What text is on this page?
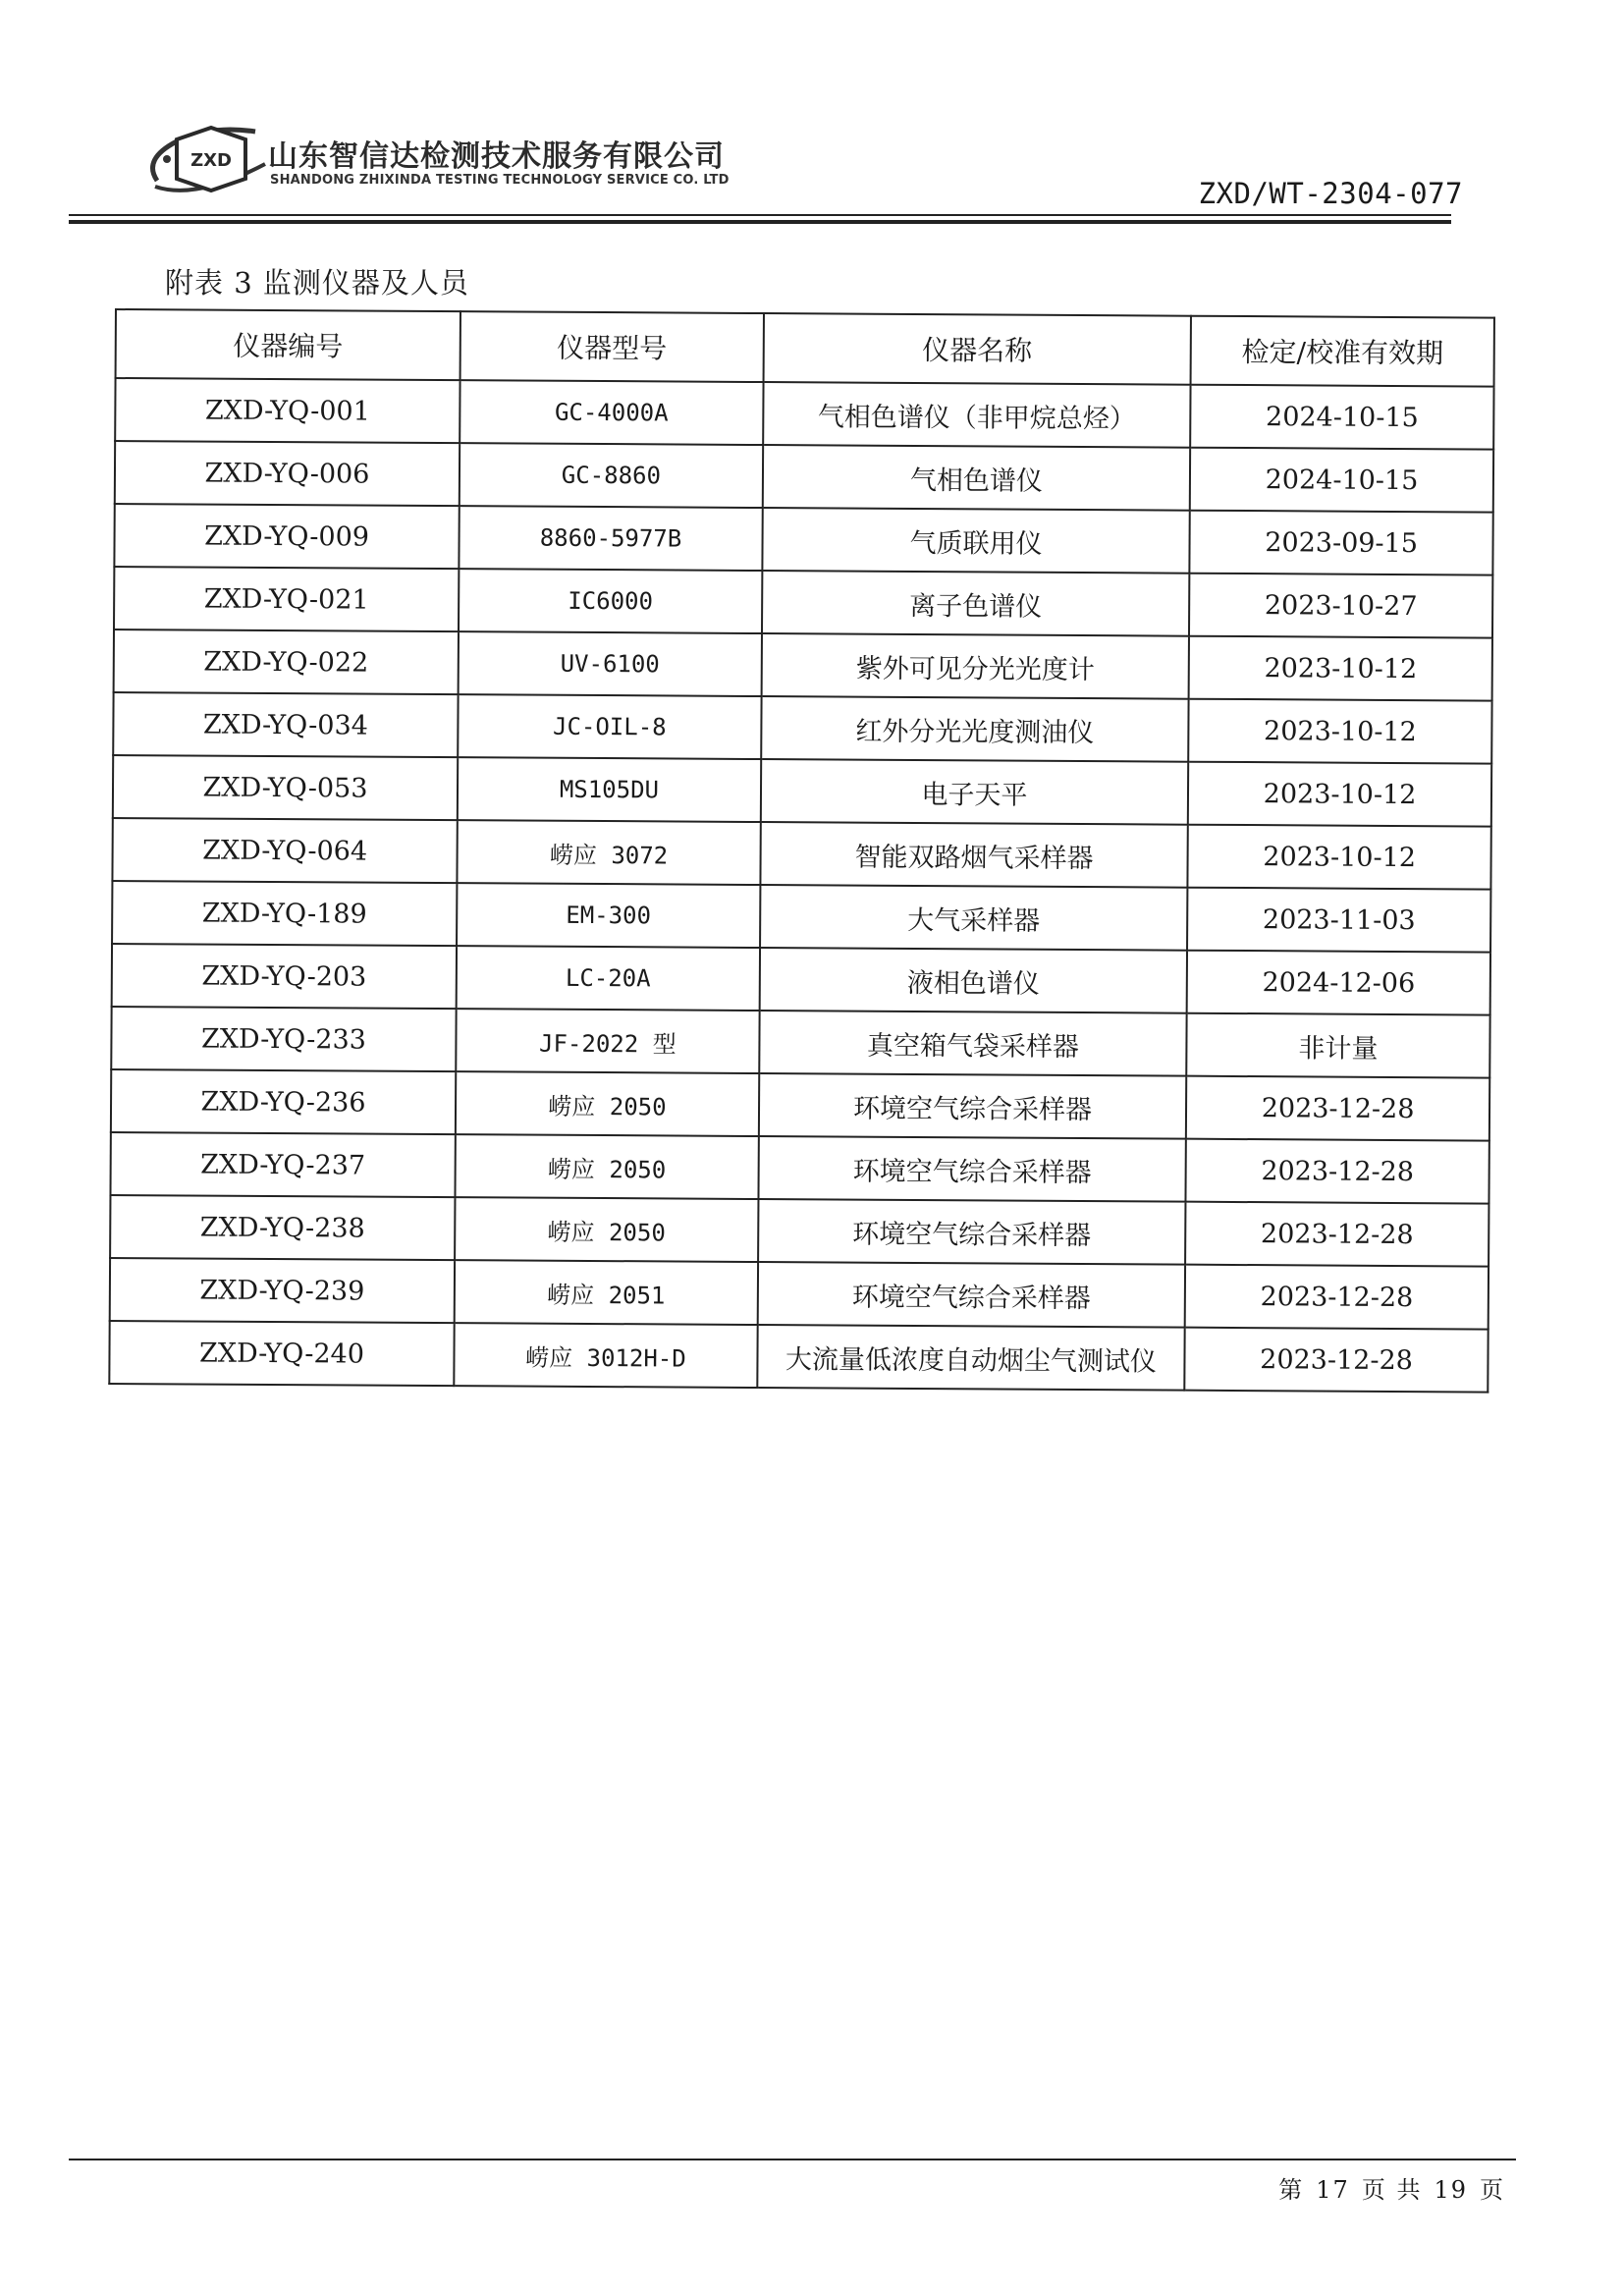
ZXD 山东智信达检测技术服务有限公司
SHANDONG ZHIXINDA TESTING TECHNOLOGY SERVICE CO. LTD	ZXD/WT-2304-077
附表 3 监测仪器及人员
仪器编号	仪器型号	仪器名称	检定/校准有效期
ZXD-YQ-001	GC-4000A	气相色谱仪（非甲烷总烃）	2024-10-15
ZXD-YQ-006	GC-8860	气相色谱仪	2024-10-15
ZXD-YQ-009	8860-5977B	气质联用仪	2023-09-15
ZXD-YQ-021	IC6000	离子色谱仪	2023-10-27
ZXD-YQ-022	UV-6100	紫外可见分光光度计	2023-10-12
ZXD-YQ-034	JC-OIL-8	红外分光光度测油仪	2023-10-12
ZXD-YQ-053	MS105DU	电子天平	2023-10-12
ZXD-YQ-064	崂应 3072	智能双路烟气采样器	2023-10-12
ZXD-YQ-189	EM-300	大气采样器	2023-11-03
ZXD-YQ-203	LC-20A	液相色谱仪	2024-12-06
ZXD-YQ-233	JF-2022 型	真空箱气袋采样器	非计量
ZXD-YQ-236	崂应 2050	环境空气综合采样器	2023-12-28
ZXD-YQ-237	崂应 2050	环境空气综合采样器	2023-12-28
ZXD-YQ-238	崂应 2050	环境空气综合采样器	2023-12-28
ZXD-YQ-239	崂应 2051	环境空气综合采样器	2023-12-28
ZXD-YQ-240	崂应 3012H-D	大流量低浓度自动烟尘气测试仪	2023-12-28
第 17 页 共 19 页
